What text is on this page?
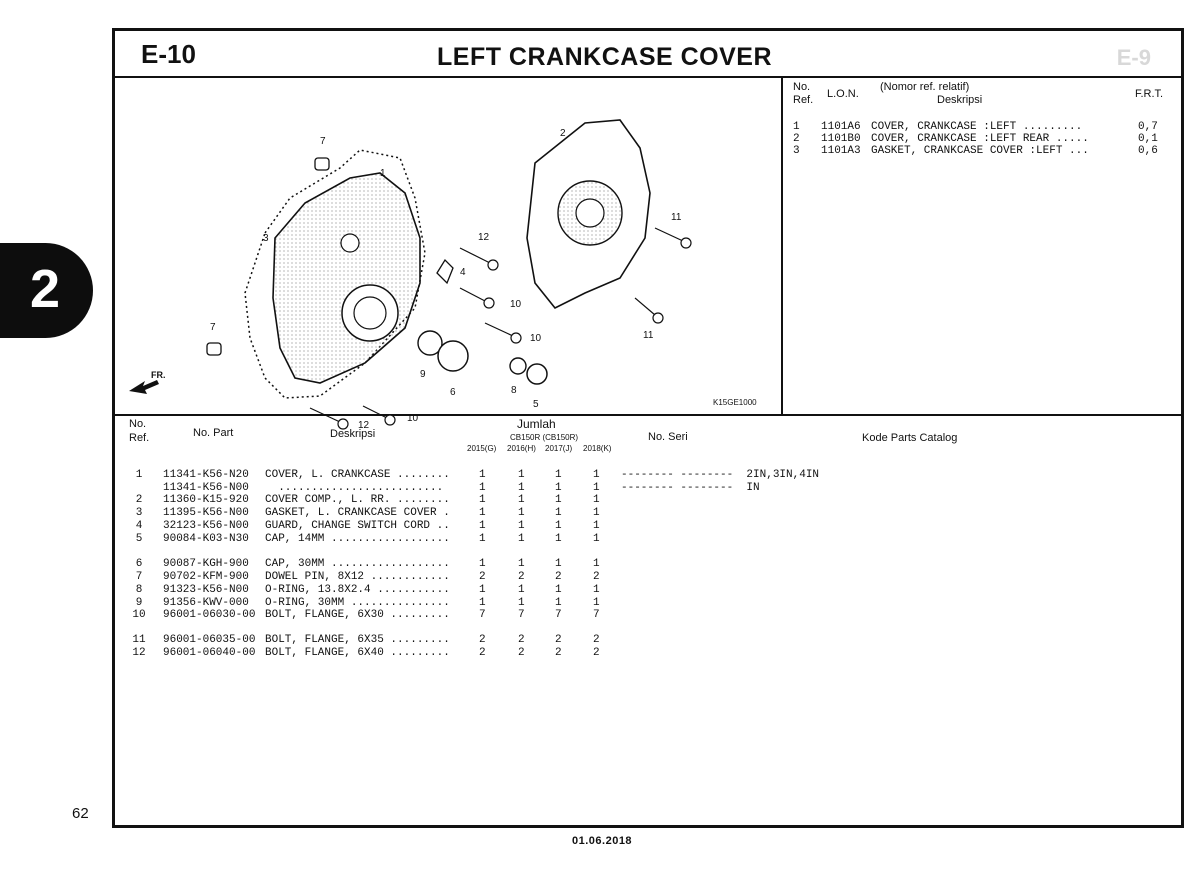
2
E-10	LEFT CRANKCASE COVER	E-9
7
2
1
3	12
4
10
11
11
7
10
9
6	8
5
10
12
FR.
K15GE1000
No.
Ref. L.O.N.
(Nomor ref. relatif)
Deskripsi	F.R.T.
1 1101A6 COVER, CRANKCASE :LEFT .........	0,7
2 1101B0 COVER, CRANKCASE :LEFT REAR .....	0,1
3 1101A3 GASKET, CRANKCASE COVER :LEFT ...	0,6
No.
Ref.	No. Part	Deskripsi
Jumlah
CB150R (CB150R)
2015(G) 2016(H) 2017(J) 2018(K)
No. Seri	Kode Parts Catalog
1	11341-K56-N20 COVER, L. CRANKCASE ........	1	1	1	1 -------- --------  2IN,3IN,4IN
11341-K56-N00 .........................	1	1	1	1 -------- --------  IN
2	11360-K15-920 COVER COMP., L. RR. ........	1	1	1	1
3	11395-K56-N00 GASKET, L. CRANKCASE COVER .	1	1	1	1
4	32123-K56-N00 GUARD, CHANGE SWITCH CORD ..	1	1	1	1
5	90084-K03-N30 CAP, 14MM ..................	1	1	1	1
6	90087-KGH-900 CAP, 30MM ..................	1	1	1	1
7	90702-KFM-900 DOWEL PIN, 8X12 ............	2	2	2	2
8	91323-K56-N00 O-RING, 13.8X2.4 ...........	1	1	1	1
9	91356-KWV-000 O-RING, 30MM ...............	1	1	1	1
10	96001-06030-00 BOLT, FLANGE, 6X30 .........	7	7	7	7
11	96001-06035-00 BOLT, FLANGE, 6X35 .........	2	2	2	2
12	96001-06040-00 BOLT, FLANGE, 6X40 .........	2	2	2	2
62
01.06.2018
